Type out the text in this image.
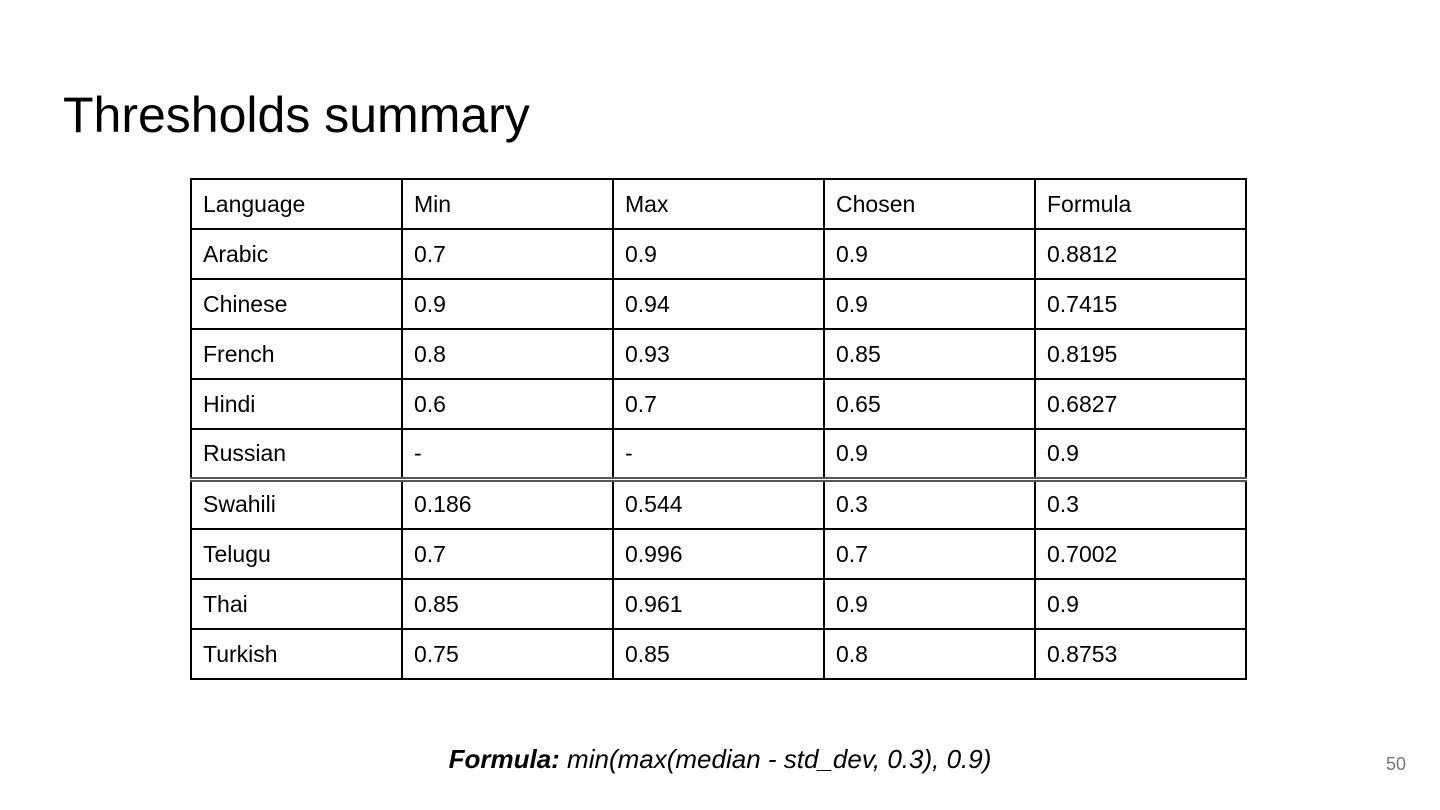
Thresholds summary
Language	Min	Max	Chosen	Formula
Arabic	0.7	0.9	0.9	0.8812
Chinese	0.9	0.94	0.9	0.7415
French	0.8	0.93	0.85	0.8195
Hindi	0.6	0.7	0.65	0.6827
Russian	-	-	0.9	0.9
Swahili	0.186	0.544	0.3	0.3
Telugu	0.7	0.996	0.7	0.7002
Thai	0.85	0.961	0.9	0.9
Turkish	0.75	0.85	0.8	0.8753
Formula: min(max(median - std_dev, 0.3), 0.9)	50
